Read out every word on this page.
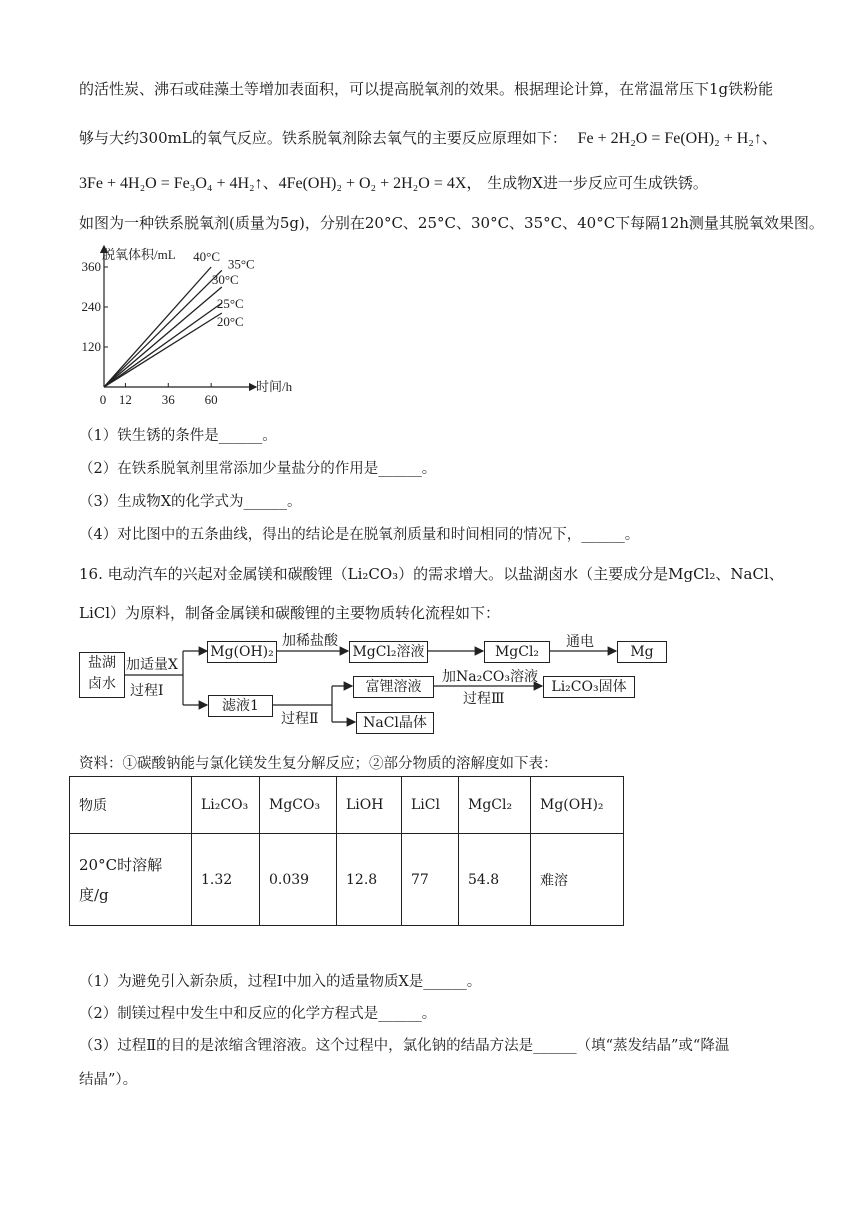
的活性炭、沸石或硅藻土等增加表面积，可以提高脱氧剂的效果。根据理论计算，在常温常压下1g铁粉能
够与大约300mL的氧气反应。铁系脱氧剂除去氧气的主要反应原理如下： Fe + 2H₂O = Fe(OH)₂ + H₂↑、
3Fe + 4H₂O = Fe₃O₄ + 4H₂↑、4Fe(OH)₂ + O₂ + 2H₂O = 4X， 生成物X进一步反应可生成铁锈。
如图为一种铁系脱氧剂(质量为5g)，分别在20°C、25°C、30°C、35°C、40°C下每隔12h测量其脱氧效果图。
120
240
360
0 12 36 60
脱氧体积/mL
时间/h
40°C 35°C
30°C
25°C
20°C
（1）铁生锈的条件是______。
（2）在铁系脱氧剂里常添加少量盐分的作用是______。
（3）生成物X的化学式为______。
（4）对比图中的五条曲线，得出的结论是在脱氧剂质量和时间相同的情况下，______。
16. 电动汽车的兴起对金属镁和碳酸锂（Li₂CO₃）的需求增大。以盐湖卤水（主要成分是MgCl₂、NaCl、
LiCl）为原料，制备金属镁和碳酸锂的主要物质转化流程如下：
盐湖
卤水
加适量X
过程Ⅰ
Mg(OH)₂
加稀盐酸
MgCl₂溶液	MgCl₂
通电
Mg
滤液1
过程Ⅱ
富锂溶液
加Na₂CO₃溶液
过程Ⅲ
Li₂CO₃固体
NaCl晶体
资料：①碳酸钠能与氯化镁发生复分解反应；②部分物质的溶解度如下表：
物质	Li₂CO₃	MgCO₃	LiOH	LiCl	MgCl₂	Mg(OH)₂
20°C时溶解度/g	1.32	0.039	12.8	77	54.8	难溶
（1）为避免引入新杂质，过程Ⅰ中加入的适量物质X是______。
（2）制镁过程中发生中和反应的化学方程式是______。
（3）过程Ⅱ的目的是浓缩含锂溶液。这个过程中，氯化钠的结晶方法是______（填“蒸发结晶”或“降温
结晶”）。
